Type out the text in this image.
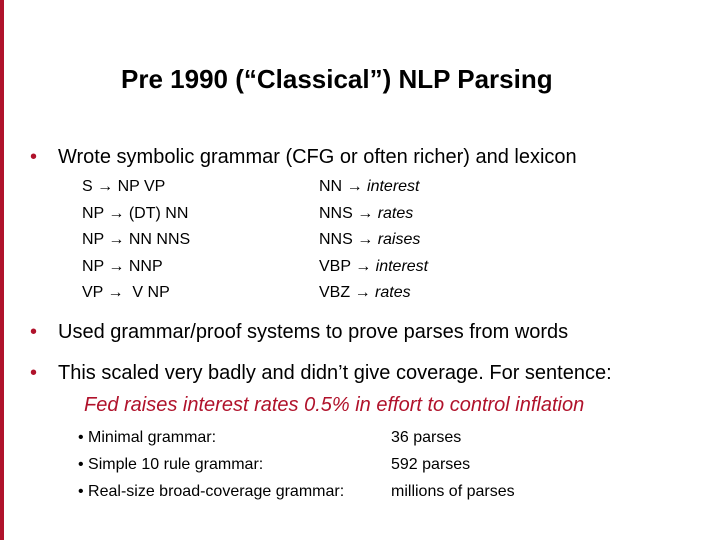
Pre 1990 (“Classical”) NLP Parsing
• Wrote symbolic grammar (CFG or often richer) and lexicon
S → NP VP
NP → (DT) NN
NP → NN NNS
NP → NNP
VP →  V NP
NN → interest
NNS → rates
NNS → raises
VBP → interest
VBZ → rates
• Used grammar/proof systems to prove parses from words
• This scaled very badly and didn’t give coverage. For sentence:
Fed raises interest rates 0.5% in effort to control inflation
• Minimal grammar:
• Simple 10 rule grammar:
• Real-size broad-coverage grammar:
36 parses
592 parses
millions of parses
